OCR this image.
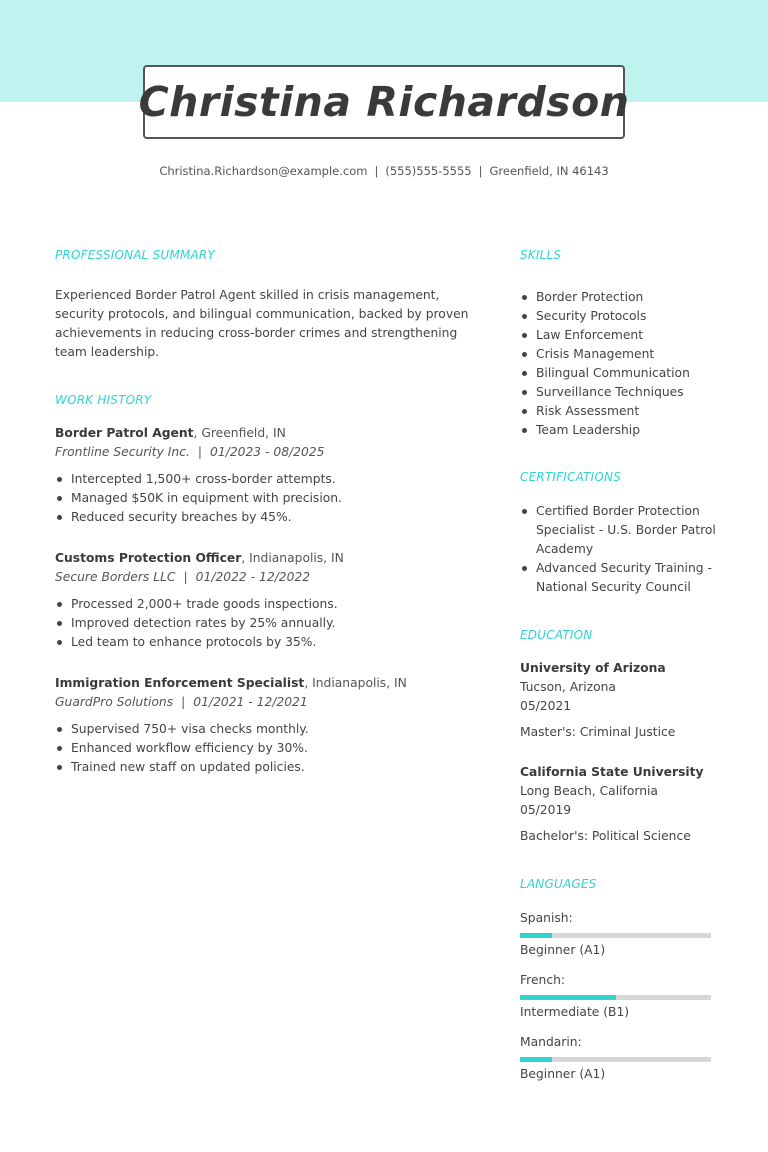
Christina Richardson
Christina.Richardson@example.com | (555)555-5555 | Greenfield, IN 46143
PROFESSIONAL SUMMARY

Experienced Border Patrol Agent skilled in crisis management, security protocols, and bilingual communication, backed by proven achievements in reducing cross-border crimes and strengthening team leadership.

WORK HISTORY
Border Patrol Agent, Greenfield, IN
Frontline Security Inc. | 01/2023 - 08/2025
Intercepted 1,500+ cross-border attempts.
Managed $50K in equipment with precision.
Reduced security breaches by 45%.
Customs Protection Officer, Indianapolis, IN
Secure Borders LLC | 01/2022 - 12/2022
Processed 2,000+ trade goods inspections.
Improved detection rates by 25% annually.
Led team to enhance protocols by 35%.
Immigration Enforcement Specialist, Indianapolis, IN
GuardPro Solutions | 01/2021 - 12/2021
Supervised 750+ visa checks monthly.
Enhanced workflow efficiency by 30%.
Trained new staff on updated policies.
SKILLS
Border Protection
Security Protocols
Law Enforcement
Crisis Management
Bilingual Communication
Surveillance Techniques
Risk Assessment
Team Leadership
CERTIFICATIONS
Certified Border Protection Specialist - U.S. Border Patrol Academy
Advanced Security Training - National Security Council
EDUCATION
University of Arizona
Tucson, Arizona
05/2021
Master's: Criminal Justice
California State University
Long Beach, California
05/2019
Bachelor's: Political Science
LANGUAGES
Spanish:
Beginner (A1)
French:
Intermediate (B1)
Mandarin:
Beginner (A1)
